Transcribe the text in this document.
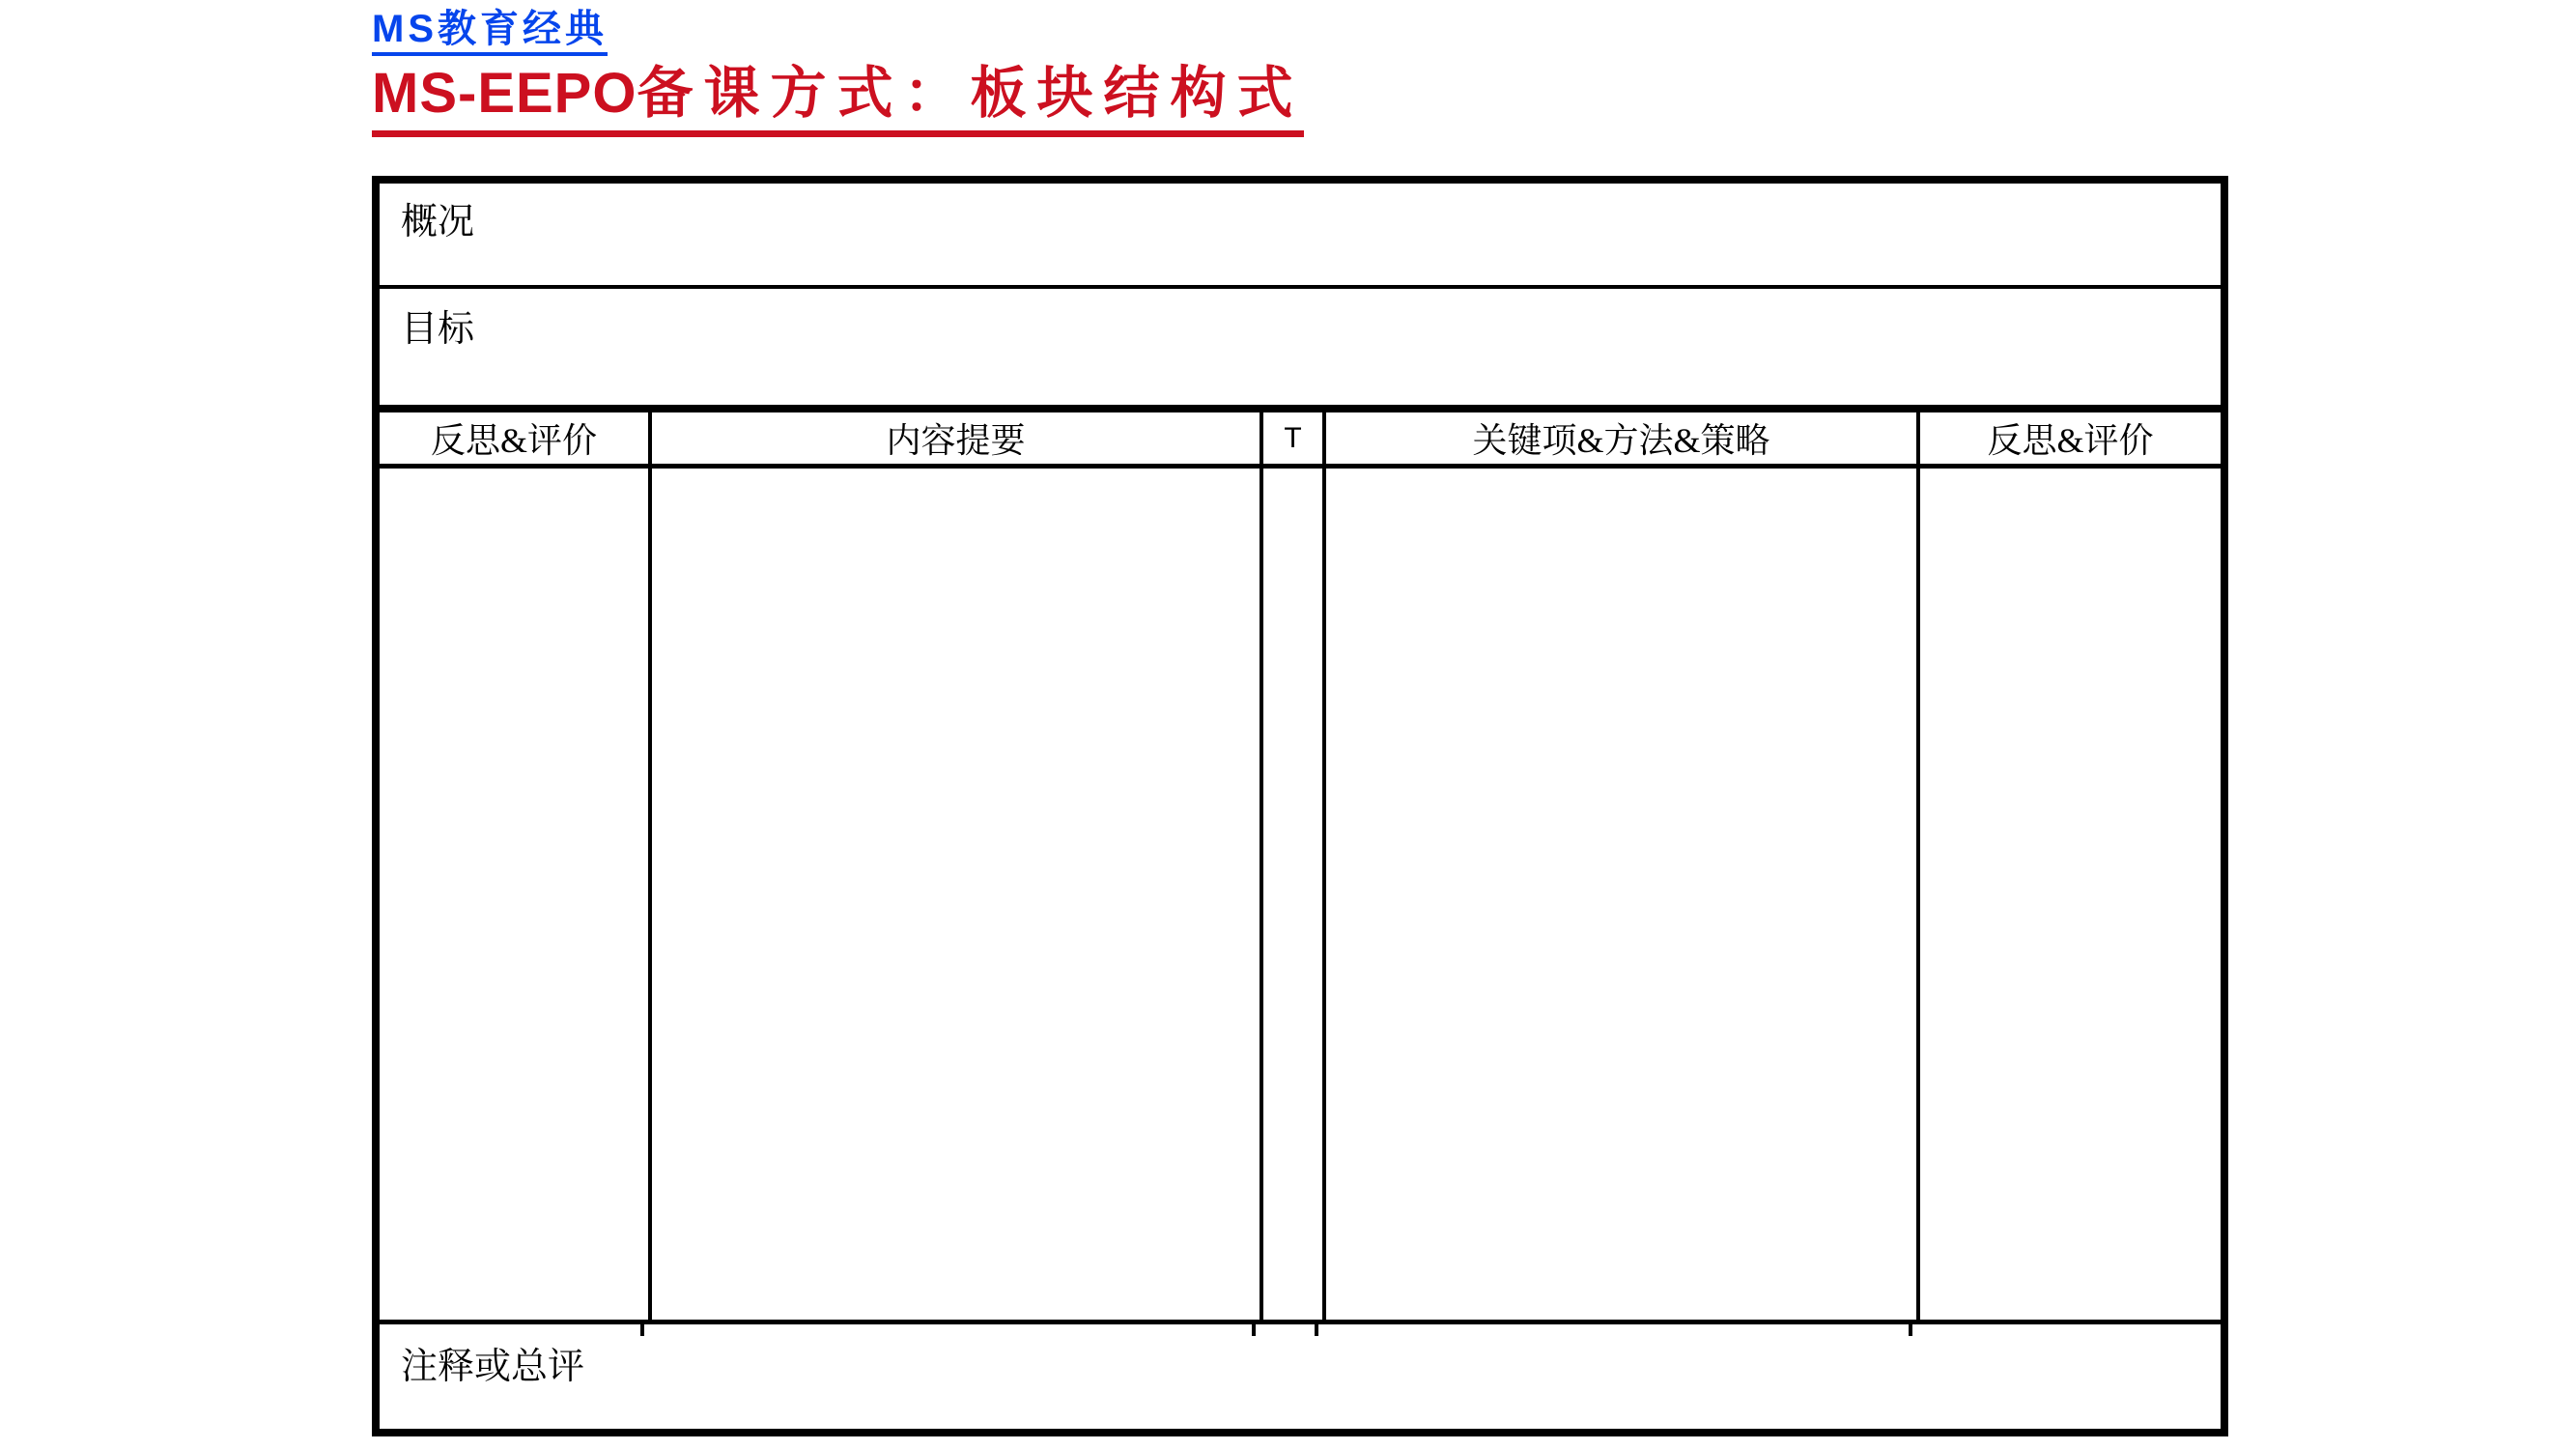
MS教育经典
MS-EEPO备课方式：板块结构式
概况
目标
反思&评价	内容提要	T	关键项&方法&策略	反思&评价
注释或总评
